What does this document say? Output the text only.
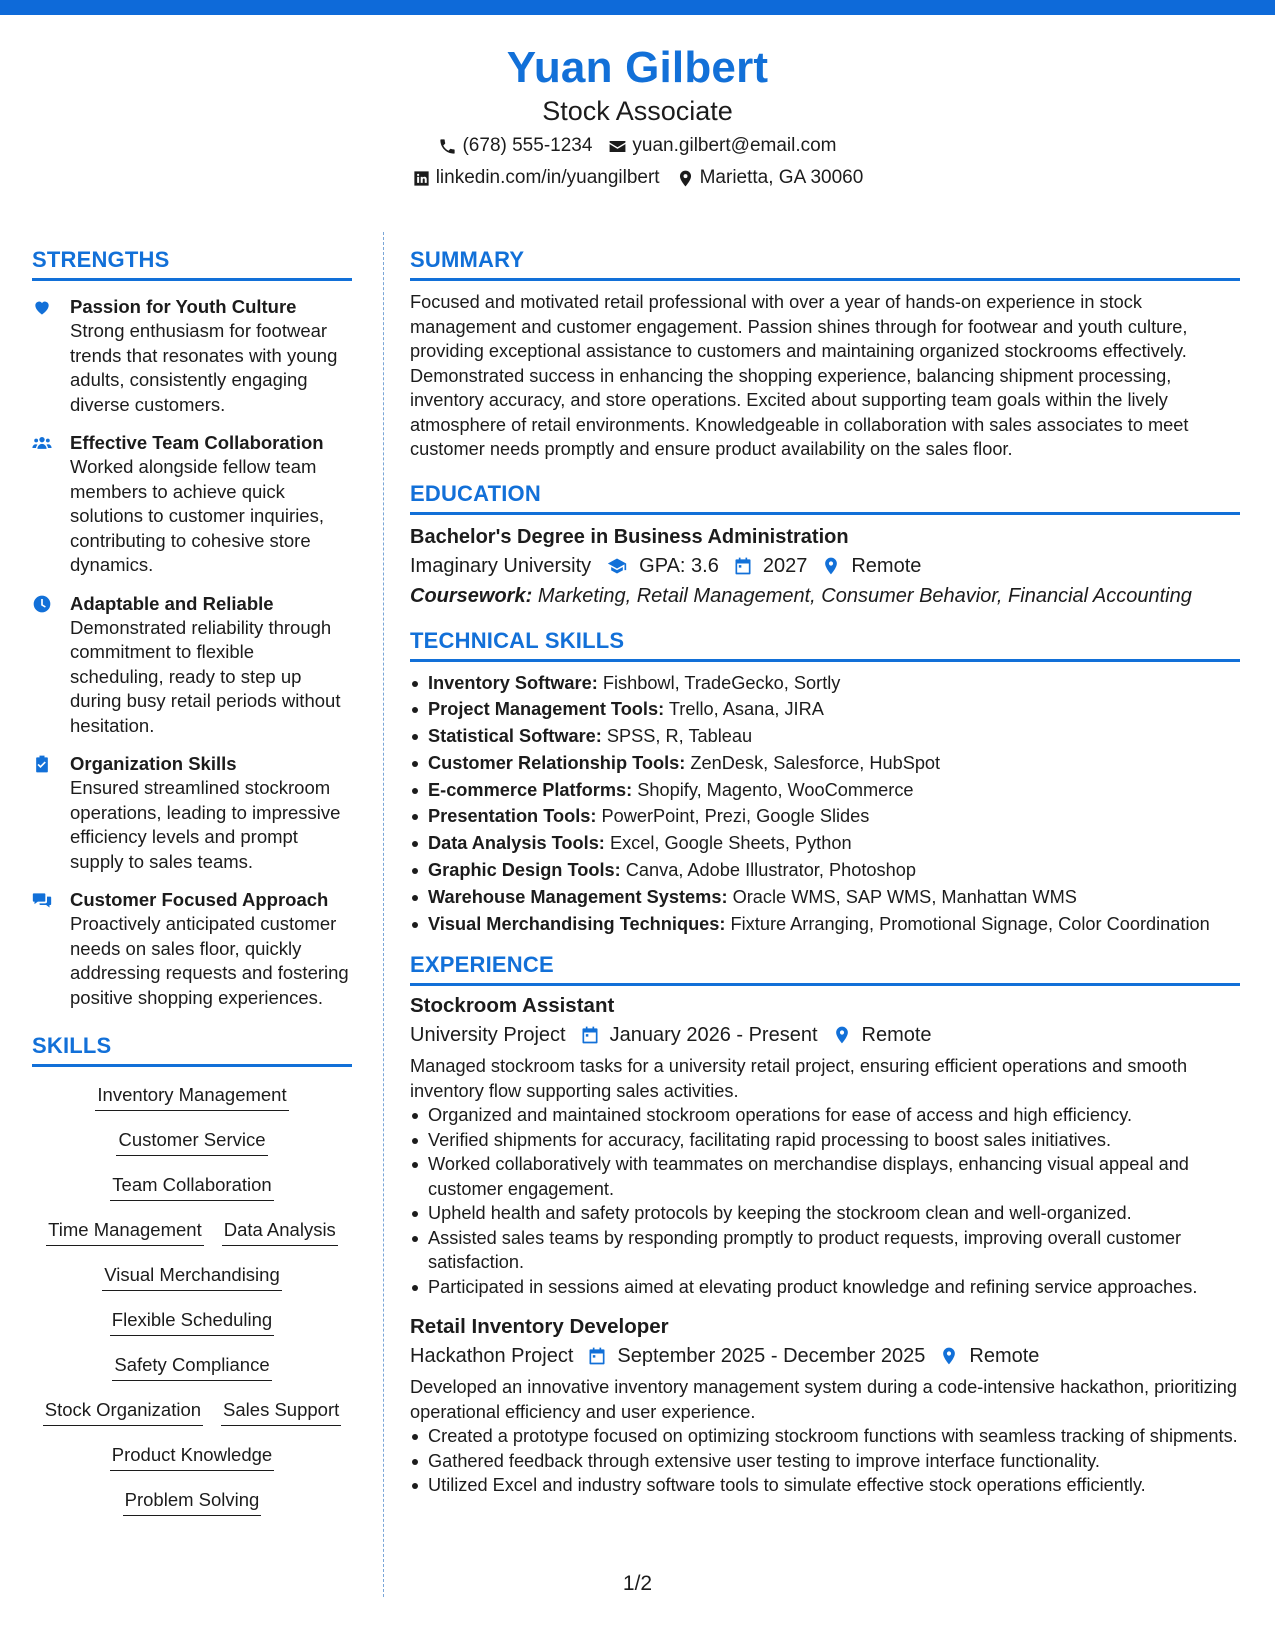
Yuan Gilbert
Stock Associate
(678) 555-1234 yuan.gilbert@email.com
linkedin.com/in/yuangilbert Marietta, GA 30060
STRENGTHS
Passion for Youth Culture
Strong enthusiasm for footwear trends that resonates with young adults, consistently engaging diverse customers.
Effective Team Collaboration
Worked alongside fellow team members to achieve quick solutions to customer inquiries, contributing to cohesive store dynamics.
Adaptable and Reliable
Demonstrated reliability through commitment to flexible scheduling, ready to step up during busy retail periods without hesitation.
Organization Skills
Ensured streamlined stockroom operations, leading to impressive efficiency levels and prompt supply to sales teams.
Customer Focused Approach
Proactively anticipated customer needs on sales floor, quickly addressing requests and fostering positive shopping experiences.
SKILLS
Inventory Management
Customer Service
Team Collaboration
Time Management Data Analysis
Visual Merchandising
Flexible Scheduling
Safety Compliance
Stock Organization Sales Support
Product Knowledge
Problem Solving
SUMMARY
Focused and motivated retail professional with over a year of hands-on experience in stock management and customer engagement. Passion shines through for footwear and youth culture, providing exceptional assistance to customers and maintaining organized stockrooms effectively. Demonstrated success in enhancing the shopping experience, balancing shipment processing, inventory accuracy, and store operations. Excited about supporting team goals within the lively atmosphere of retail environments. Knowledgeable in collaboration with sales associates to meet customer needs promptly and ensure product availability on the sales floor.
EDUCATION
Bachelor's Degree in Business Administration
Imaginary University GPA: 3.6 2027 Remote
Coursework: Marketing, Retail Management, Consumer Behavior, Financial Accounting
TECHNICAL SKILLS
Inventory Software: Fishbowl, TradeGecko, Sortly
Project Management Tools: Trello, Asana, JIRA
Statistical Software: SPSS, R, Tableau
Customer Relationship Tools: ZenDesk, Salesforce, HubSpot
E-commerce Platforms: Shopify, Magento, WooCommerce
Presentation Tools: PowerPoint, Prezi, Google Slides
Data Analysis Tools: Excel, Google Sheets, Python
Graphic Design Tools: Canva, Adobe Illustrator, Photoshop
Warehouse Management Systems: Oracle WMS, SAP WMS, Manhattan WMS
Visual Merchandising Techniques: Fixture Arranging, Promotional Signage, Color Coordination
EXPERIENCE
Stockroom Assistant
University Project January 2026 - Present Remote
Managed stockroom tasks for a university retail project, ensuring efficient operations and smooth inventory flow supporting sales activities.
Organized and maintained stockroom operations for ease of access and high efficiency.
Verified shipments for accuracy, facilitating rapid processing to boost sales initiatives.
Worked collaboratively with teammates on merchandise displays, enhancing visual appeal and customer engagement.
Upheld health and safety protocols by keeping the stockroom clean and well-organized.
Assisted sales teams by responding promptly to product requests, improving overall customer satisfaction.
Participated in sessions aimed at elevating product knowledge and refining service approaches.
Retail Inventory Developer
Hackathon Project September 2025 - December 2025 Remote
Developed an innovative inventory management system during a code-intensive hackathon, prioritizing operational efficiency and user experience.
Created a prototype focused on optimizing stockroom functions with seamless tracking of shipments.
Gathered feedback through extensive user testing to improve interface functionality.
Utilized Excel and industry software tools to simulate effective stock operations efficiently.
1/2
